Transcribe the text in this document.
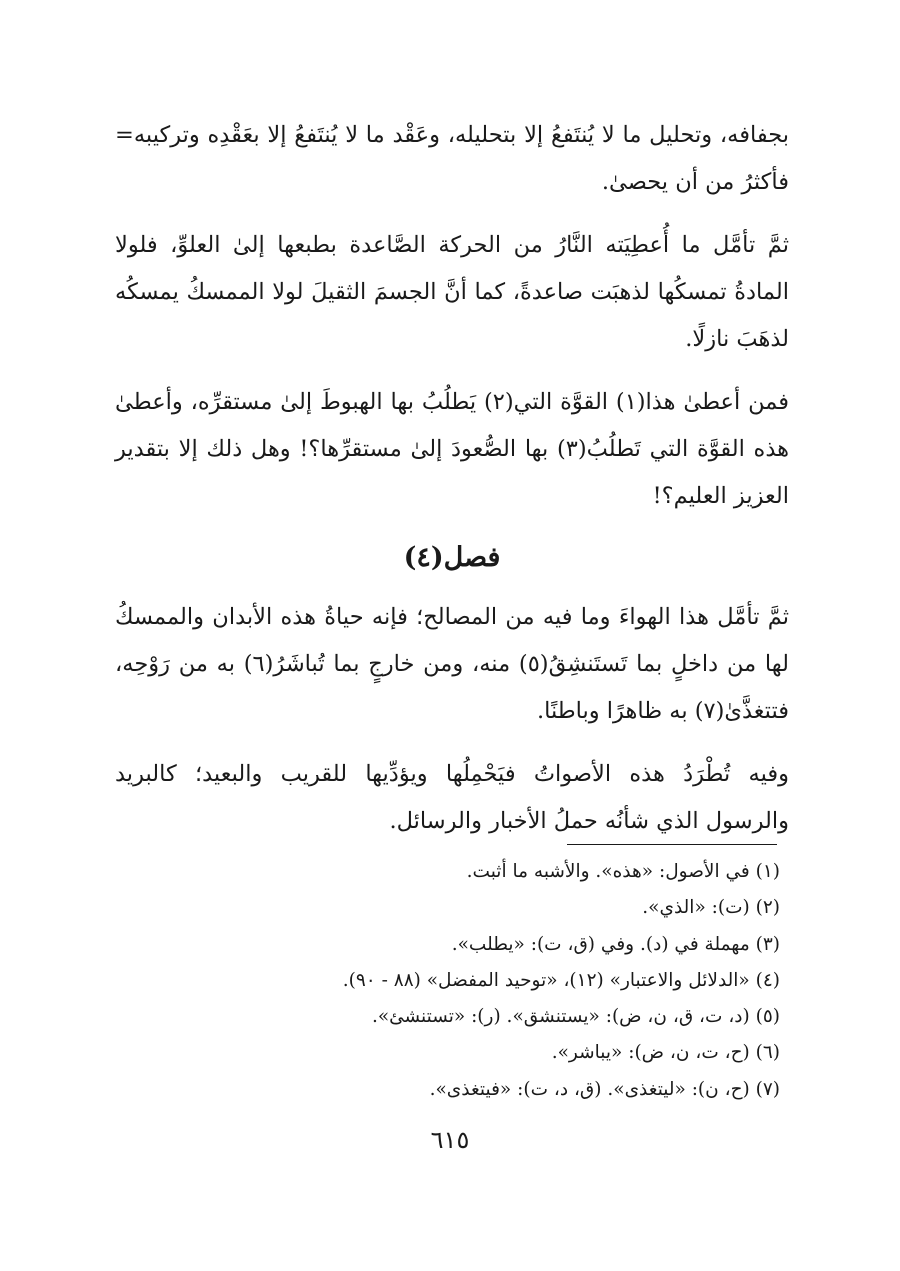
بجفافه، وتحليل ما لا يُنتَفعُ إلا بتحليله، وعَقْد ما لا يُنتَفعُ إلا بعَقْدِه وتركيبه= فأكثرُ من أن يحصىٰ.
ثمَّ تأمَّل ما أُعطِيَته النَّارُ من الحركة الصَّاعدة بطبعها إلىٰ العلوِّ، فلولا المادةُ تمسكُها لذهبَت صاعدةً، كما أنَّ الجسمَ الثقيلَ لولا الممسكُ يمسكُه لذهَبَ نازلًا.
فمن أعطىٰ هذا(١) القوَّة التي(٢) يَطلُبُ بها الهبوطَ إلىٰ مستقرِّه، وأعطىٰ هذه القوَّة التي تَطلُبُ(٣) بها الصُّعودَ إلىٰ مستقرِّها؟! وهل ذلك إلا بتقدير العزيز العليم؟!
فصل(٤)
ثمَّ تأمَّل هذا الهواءَ وما فيه من المصالح؛ فإنه حياةُ هذه الأبدان والممسكُ لها من داخلٍ بما تَستَنشِقُ(٥) منه، ومن خارجٍ بما تُباشَرُ(٦) به من رَوْحِه، فتتغذَّىٰ(٧) به ظاهرًا وباطنًا.
وفيه تُطْرَدُ هذه الأصواتُ فيَحْمِلُها ويؤدِّيها للقريب والبعيد؛ كالبريد والرسول الذي شأنُه حملُ الأخبار والرسائل.
(١) في الأصول: «هذه». والأشبه ما أثبت.
(٢) (ت): «الذي».
(٣) مهملة في (د). وفي (ق، ت): «يطلب».
(٤) «الدلائل والاعتبار» (١٢)، «توحيد المفضل» (٨٨ - ٩٠).
(٥) (د، ت، ق، ن، ض): «يستنشق». (ر): «تستنشئ».
(٦) (ح، ت، ن، ض): «يباشر».
(٧) (ح، ن): «ليتغذى». (ق، د، ت): «فيتغذى».
٦١٥
